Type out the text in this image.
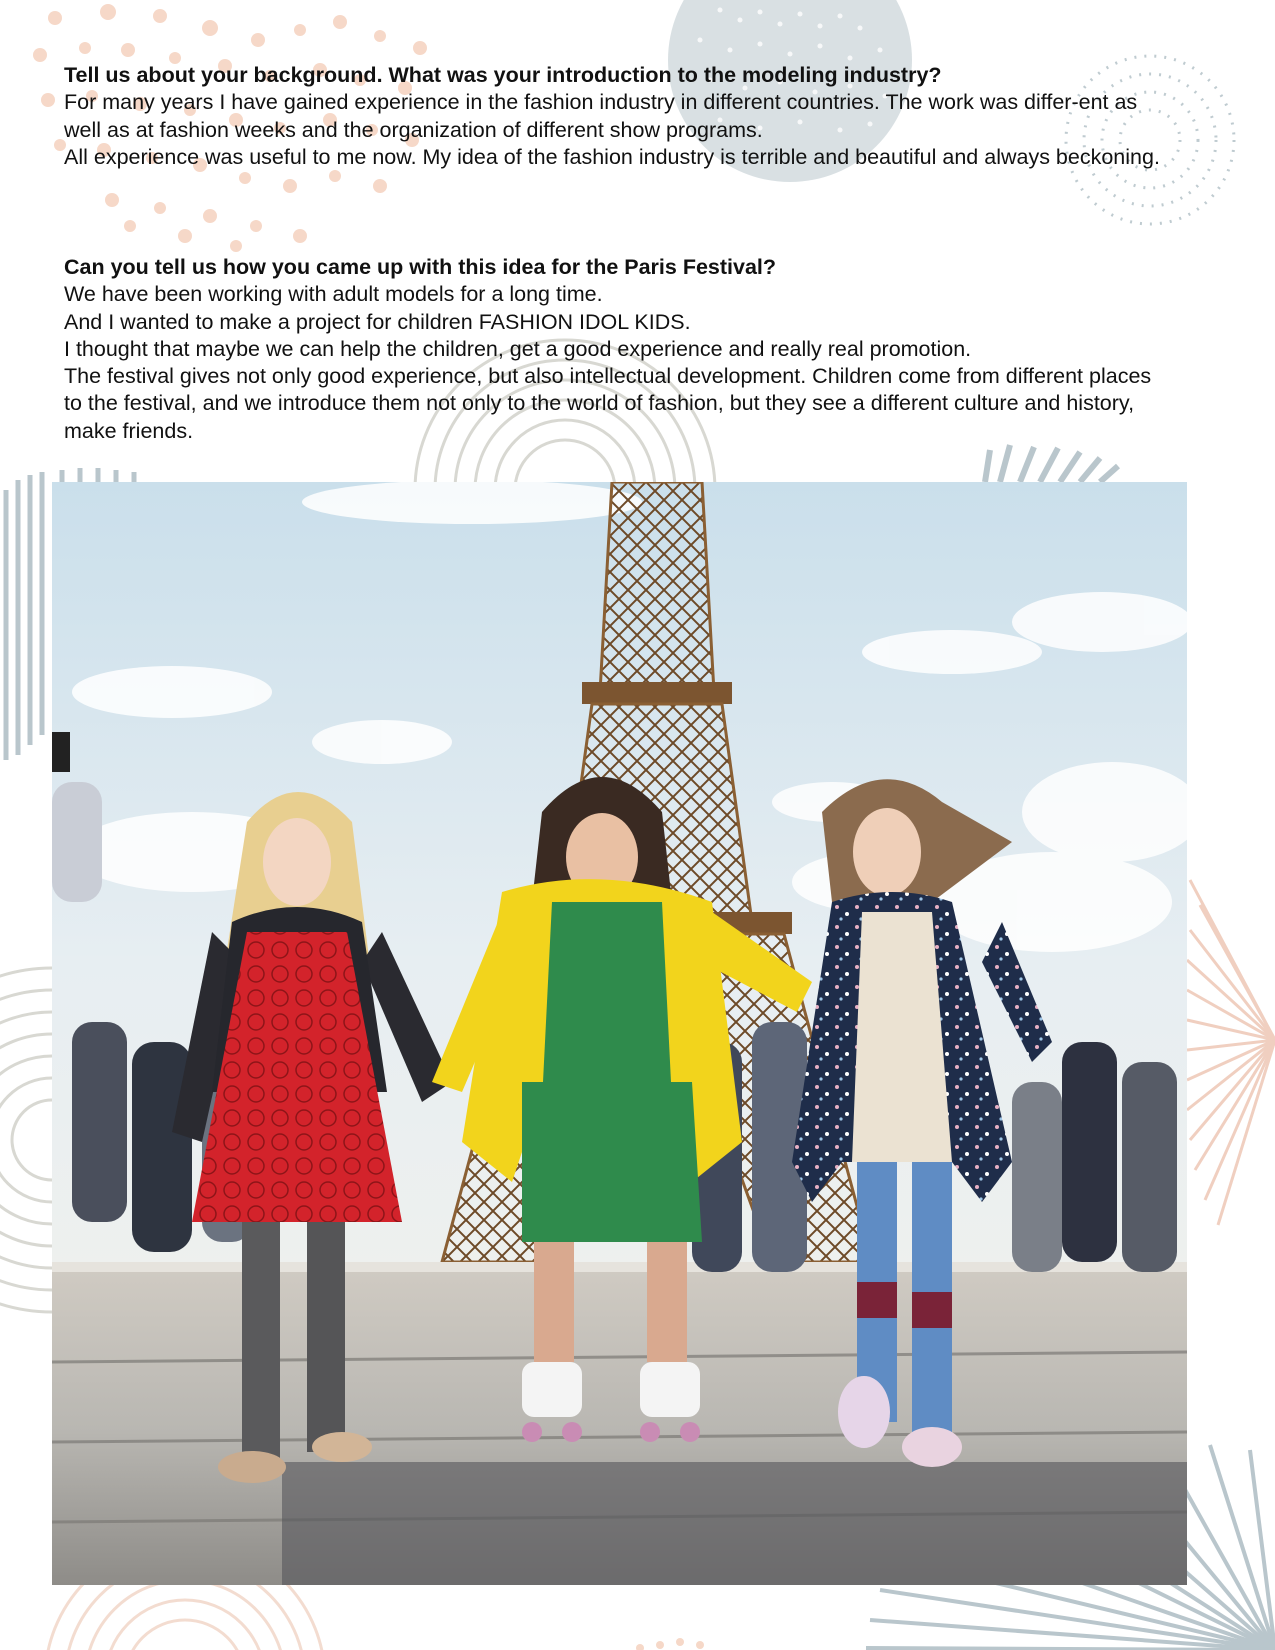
Tell us about your background. What was your introduction to the modeling industry?

For many years I have gained experience in the fashion industry in different countries. The work was differ-ent as well as at fashion weeks and the organization of different show programs.

All experience was useful to me now. My idea of the fashion industry is terrible and beautiful and always beckoning.

Can you tell us how you came up with this idea for the Paris Festival?

We have been working with adult models for a long time.

And I wanted to make a project for children FASHION IDOL KIDS.

I thought that maybe we can help the children, get a good experience and really real promotion.

The festival gives not only good experience, but also intellectual development. Children come from different places to the festival, and we introduce them not only to the world of fashion, but they see a different culture and history, make friends.
